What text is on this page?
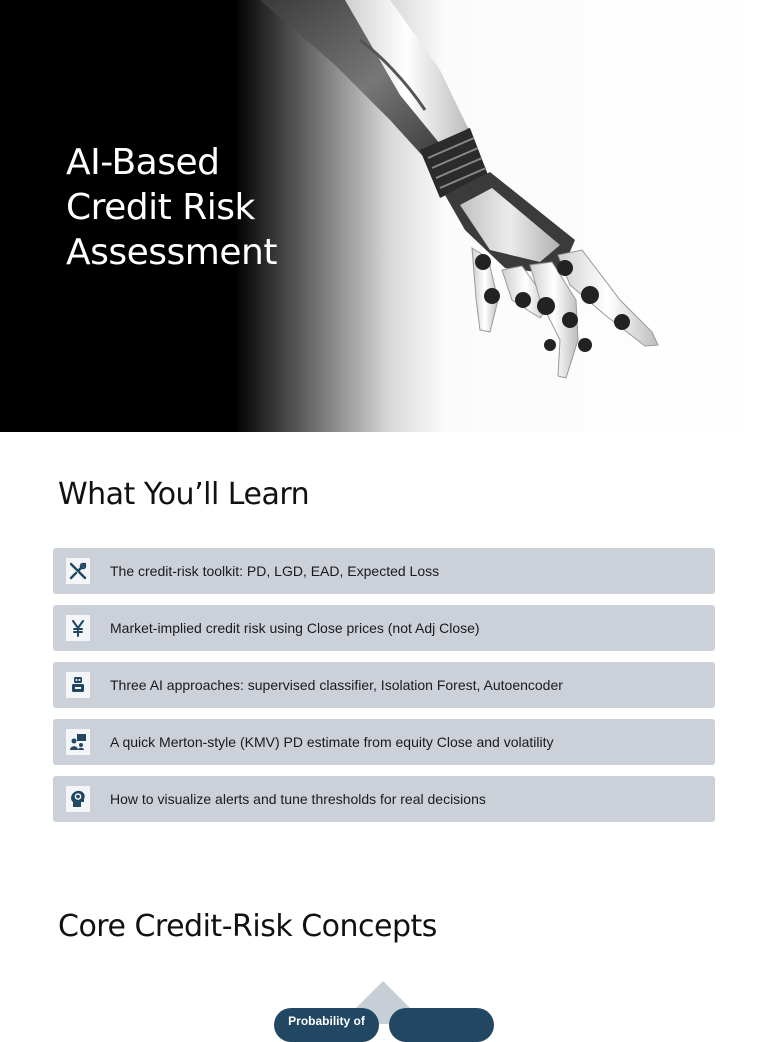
AI-Based
Credit Risk
Assessment
What You’ll Learn
The credit-risk toolkit: PD, LGD, EAD, Expected Loss
Market-implied credit risk using Close prices (not Adj Close)
Three AI approaches: supervised classifier, Isolation Forest, Autoencoder
A quick Merton-style (KMV) PD estimate from equity Close and volatility
How to visualize alerts and tune thresholds for real decisions
Core Credit-Risk Concepts
Probability of
